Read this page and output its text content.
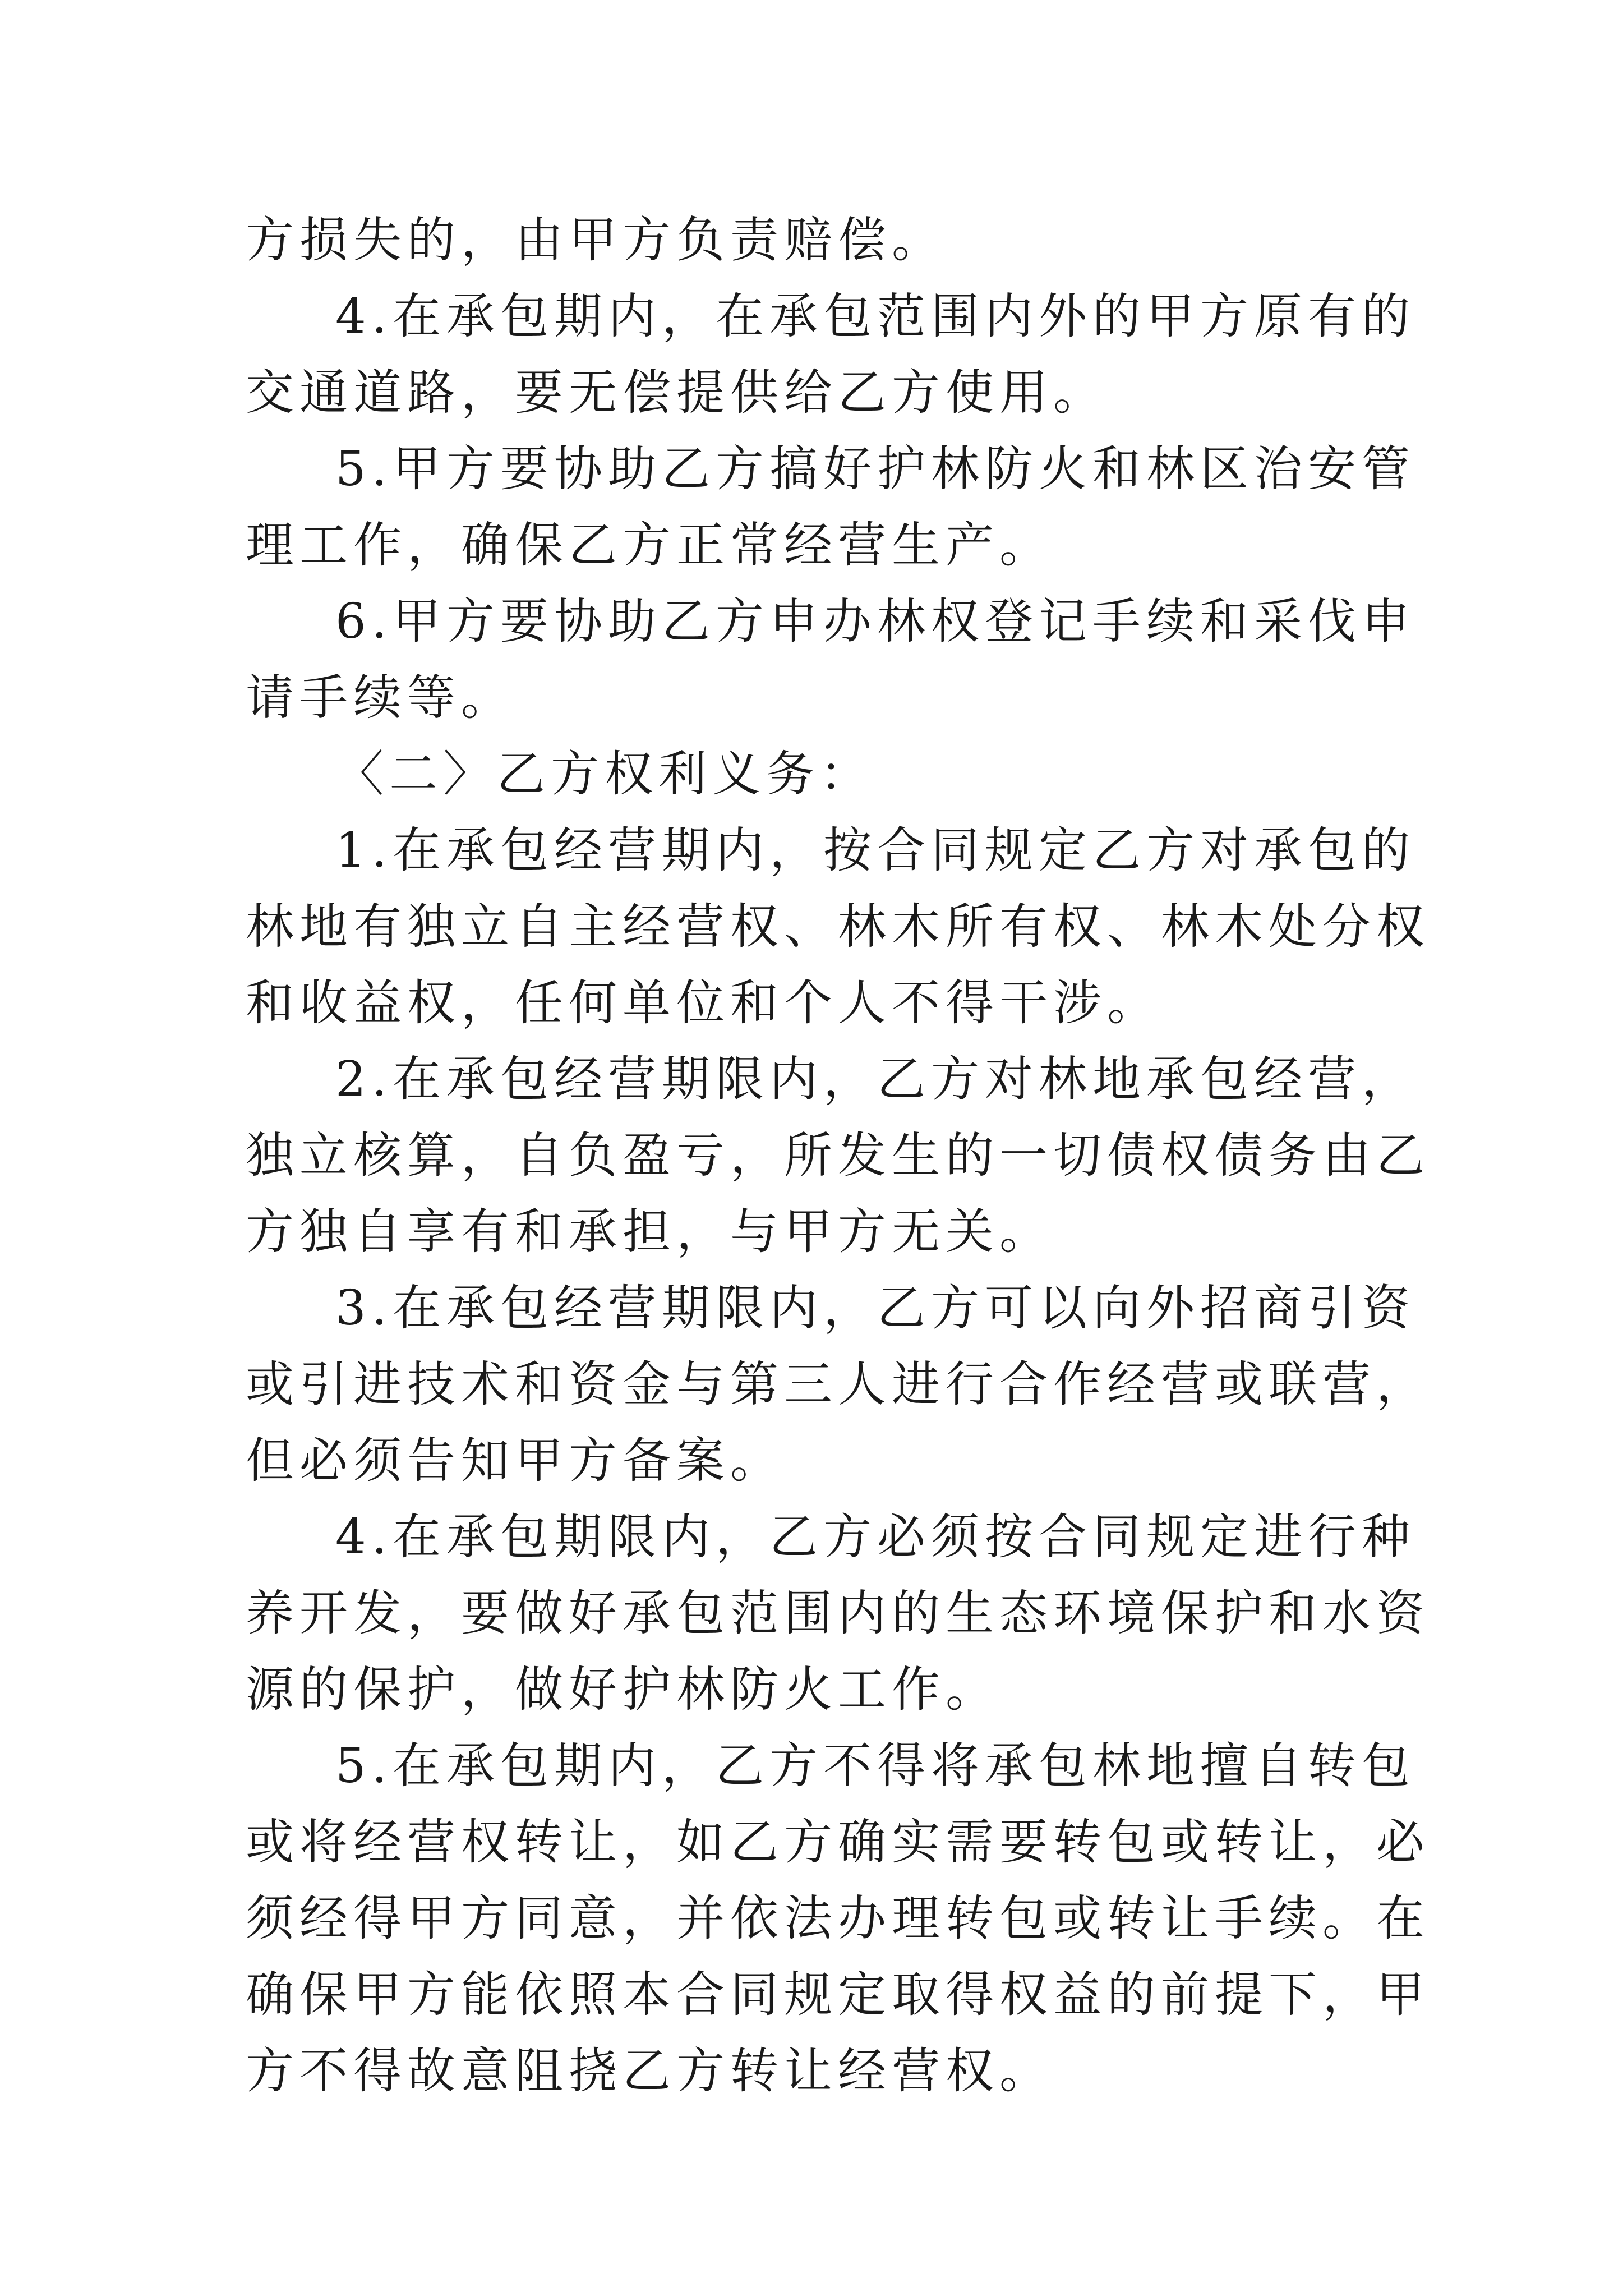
方损失的，由甲方负责赔偿。

4.在承包期内，在承包范围内外的甲方原有的交通道路，要无偿提供给乙方使用。

5.甲方要协助乙方搞好护林防火和林区治安管理工作，确保乙方正常经营生产。

6.甲方要协助乙方申办林权登记手续和采伐申请手续等。

〈二〉乙方权利义务：

1.在承包经营期内，按合同规定乙方对承包的林地有独立自主经营权、林木所有权、林木处分权和收益权，任何单位和个人不得干涉。

2.在承包经营期限内，乙方对林地承包经营，独立核算，自负盈亏，所发生的一切债权债务由乙方独自享有和承担，与甲方无关。

3.在承包经营期限内，乙方可以向外招商引资或引进技术和资金与第三人进行合作经营或联营，但必须告知甲方备案。

4.在承包期限内，乙方必须按合同规定进行种养开发，要做好承包范围内的生态环境保护和水资源的保护，做好护林防火工作。

5.在承包期内，乙方不得将承包林地擅自转包或将经营权转让，如乙方确实需要转包或转让，必须经得甲方同意，并依法办理转包或转让手续。在确保甲方能依照本合同规定取得权益的前提下，甲方不得故意阻挠乙方转让经营权。
